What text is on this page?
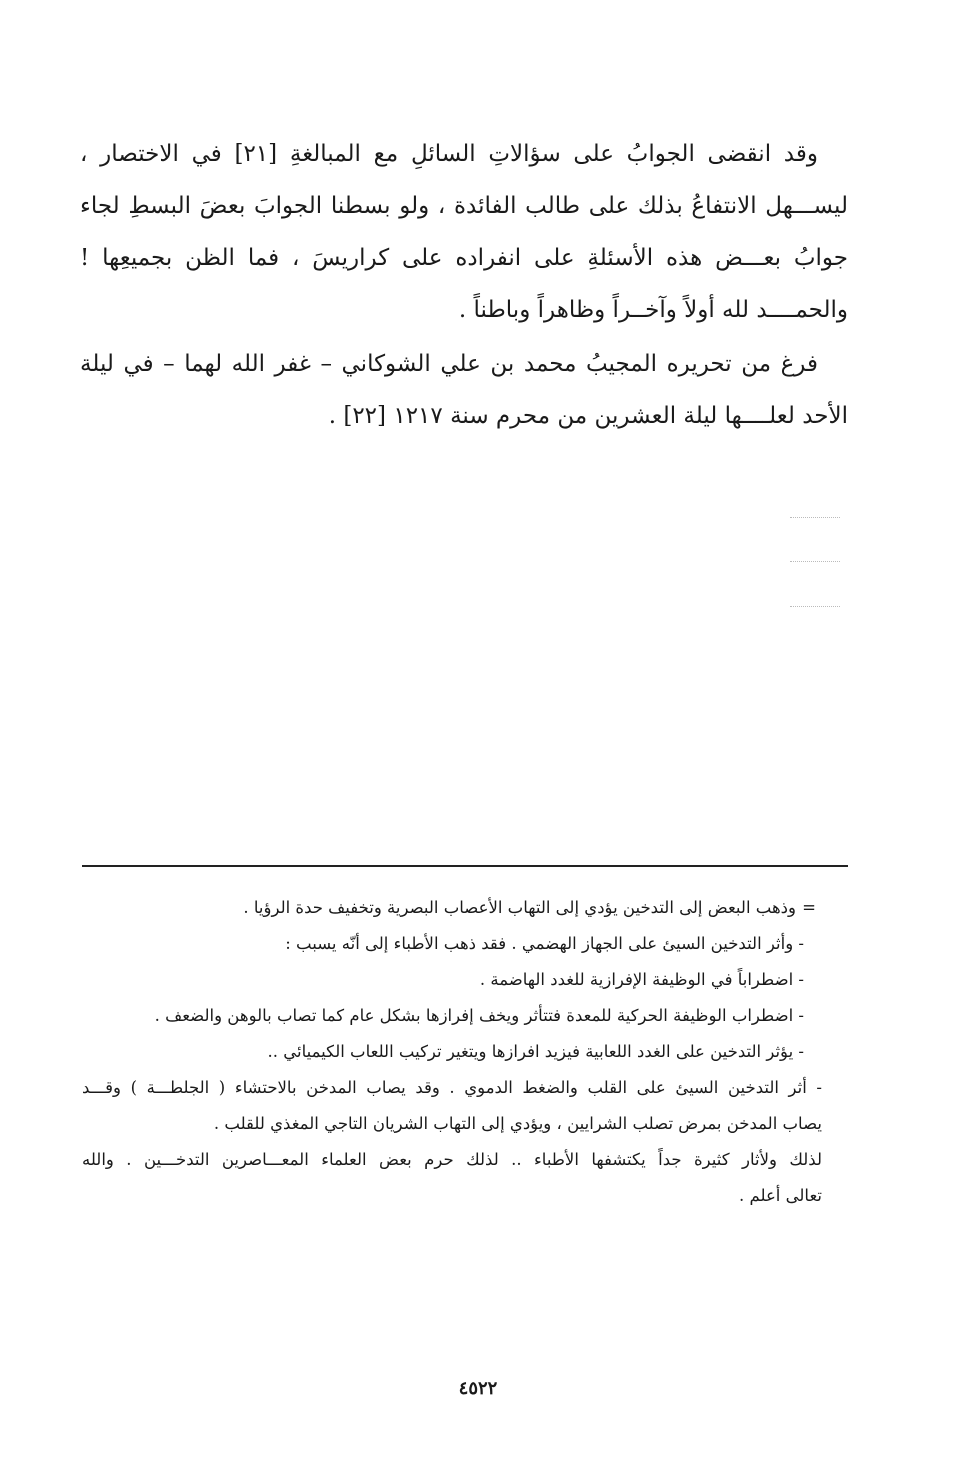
وقد انقضى الجوابُ على سؤالاتِ السائلِ مع المبالغةِ [٢١] في الاختصار ، ليســـهل الانتفاعُ بذلك على طالب الفائدة ، ولو بسطنا الجوابَ بعضَ البسطِ لجاء جوابُ بعـــض هذه الأسئلةِ على انفراده على كراريسَ ، فما الظن بجميعِها ! والحمــــد لله أولاً وآخــراً وظاهراً وباطناً .

فرغ من تحريره المجيبُ محمد بن علي الشوكاني – غفر الله لهما – في ليلة الأحد لعلــــها ليلة العشرين من محرم سنة ١٢١٧ [٢٢] .

=وذهب البعض إلى التدخين يؤدي إلى التهاب الأعصاب البصرية وتخفيف حدة الرؤيا .

- وأثر التدخين السيئ على الجهاز الهضمي . فقد ذهب الأطباء إلى أنّه يسبب :

- اضطراباً في الوظيفة الإفرازية للغدد الهاضمة .

- اضطراب الوظيفة الحركية للمعدة فتتأثر ويخف إفرازها بشكل عام كما تصاب بالوهن والضعف .

- يؤثر التدخين على الغدد اللعابية فيزيد افرازها ويتغير تركيب اللعاب الكيميائي ..

- أثر التدخين السيئ على القلب والضغط الدموي . وقد يصاب المدخن بالاحتشاء ( الجلطـــة ) وقـــد

يصاب المدخن بمرض تصلب الشرايين ، ويؤدي إلى التهاب الشريان التاجي المغذي للقلب .

لذلك ولأثار كثيرة جداً يكتشفها الأطباء .. لذلك حرم بعض العلماء المعـــاصرين التدخـــين . والله

تعالى أعلم .

٤٥٢٢
